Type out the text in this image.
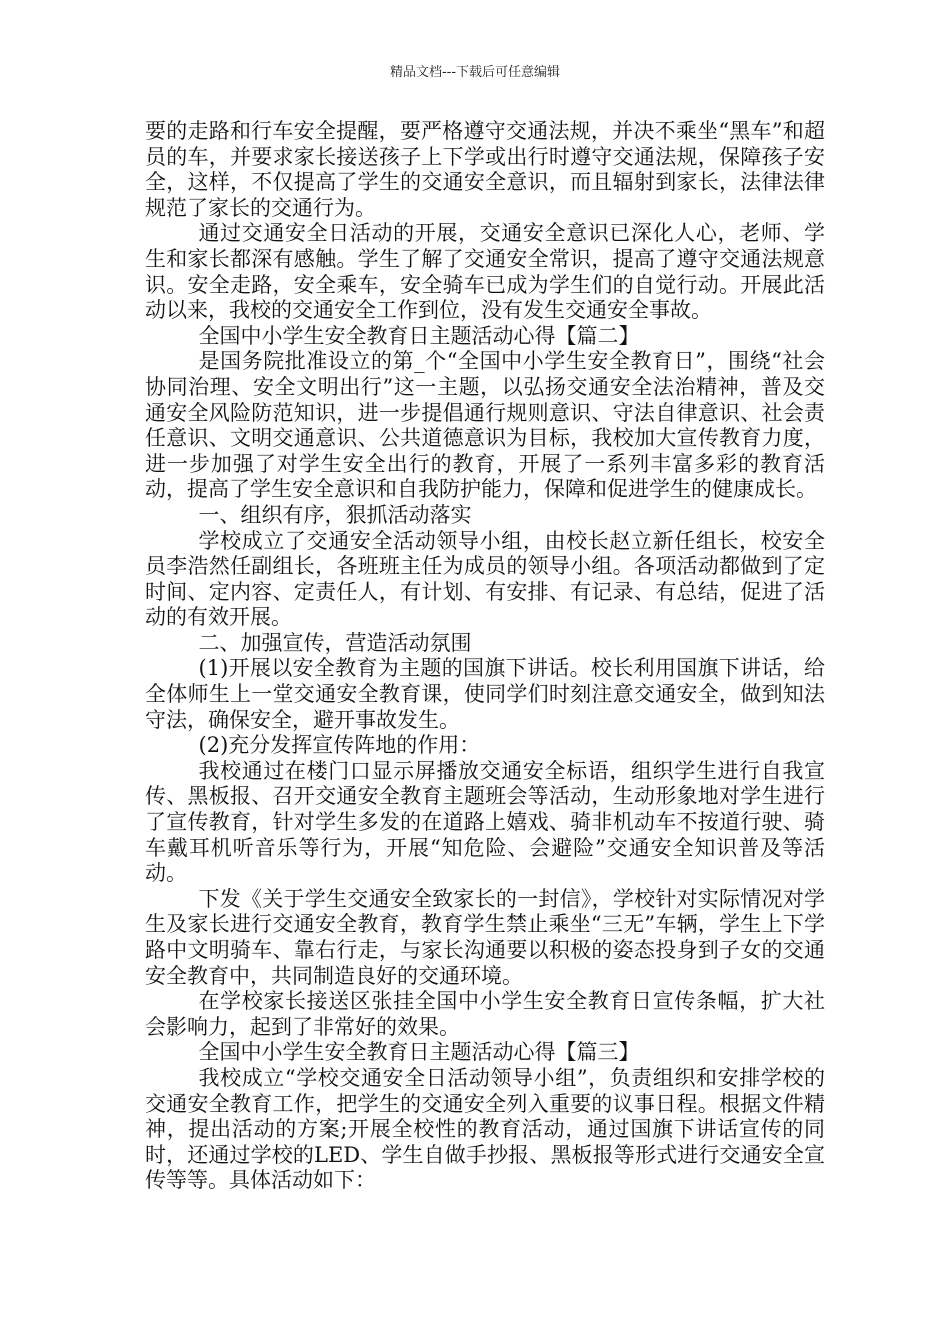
精品文档---下载后可任意编辑

要的走路和行车安全提醒，要严格遵守交通法规，并决不乘坐“黑车”和超员的车，并要求家长接送孩子上下学或出行时遵守交通法规，保障孩子安全，这样，不仅提高了学生的交通安全意识，而且辐射到家长，法律法律规范了家长的交通行为。

通过交通安全日活动的开展，交通安全意识已深化人心，老师、学生和家长都深有感触。学生了解了交通安全常识，提高了遵守交通法规意识。安全走路，安全乘车，安全骑车已成为学生们的自觉行动。开展此活动以来，我校的交通安全工作到位，没有发生交通安全事故。

全国中小学生安全教育日主题活动心得【篇二】

是国务院批准设立的第_个“全国中小学生安全教育日”，围绕“社会协同治理、安全文明出行”这一主题，以弘扬交通安全法治精神，普及交通安全风险防范知识，进一步提倡通行规则意识、守法自律意识、社会责任意识、文明交通意识、公共道德意识为目标，我校加大宣传教育力度，进一步加强了对学生安全出行的教育，开展了一系列丰富多彩的教育活动，提高了学生安全意识和自我防护能力，保障和促进学生的健康成长。

一、组织有序，狠抓活动落实

学校成立了交通安全活动领导小组，由校长赵立新任组长，校安全员李浩然任副组长，各班班主任为成员的领导小组。各项活动都做到了定时间、定内容、定责任人，有计划、有安排、有记录、有总结，促进了活动的有效开展。

二、加强宣传，营造活动氛围

(1)开展以安全教育为主题的国旗下讲话。校长利用国旗下讲话，给全体师生上一堂交通安全教育课，使同学们时刻注意交通安全，做到知法守法，确保安全，避开事故发生。

(2)充分发挥宣传阵地的作用：

我校通过在楼门口显示屏播放交通安全标语，组织学生进行自我宣传、黑板报、召开交通安全教育主题班会等活动，生动形象地对学生进行了宣传教育，针对学生多发的在道路上嬉戏、骑非机动车不按道行驶、骑车戴耳机听音乐等行为，开展“知危险、会避险”交通安全知识普及等活动。

下发《关于学生交通安全致家长的一封信》，学校针对实际情况对学生及家长进行交通安全教育，教育学生禁止乘坐“三无”车辆，学生上下学路中文明骑车、靠右行走，与家长沟通要以积极的姿态投身到子女的交通安全教育中，共同制造良好的交通环境。

在学校家长接送区张挂全国中小学生安全教育日宣传条幅，扩大社会影响力，起到了非常好的效果。

全国中小学生安全教育日主题活动心得【篇三】

我校成立“学校交通安全日活动领导小组”，负责组织和安排学校的交通安全教育工作，把学生的交通安全列入重要的议事日程。根据文件精神，提出活动的方案;开展全校性的教育活动，通过国旗下讲话宣传的同时，还通过学校的LED、学生自做手抄报、黑板报等形式进行交通安全宣传等等。具体活动如下：
